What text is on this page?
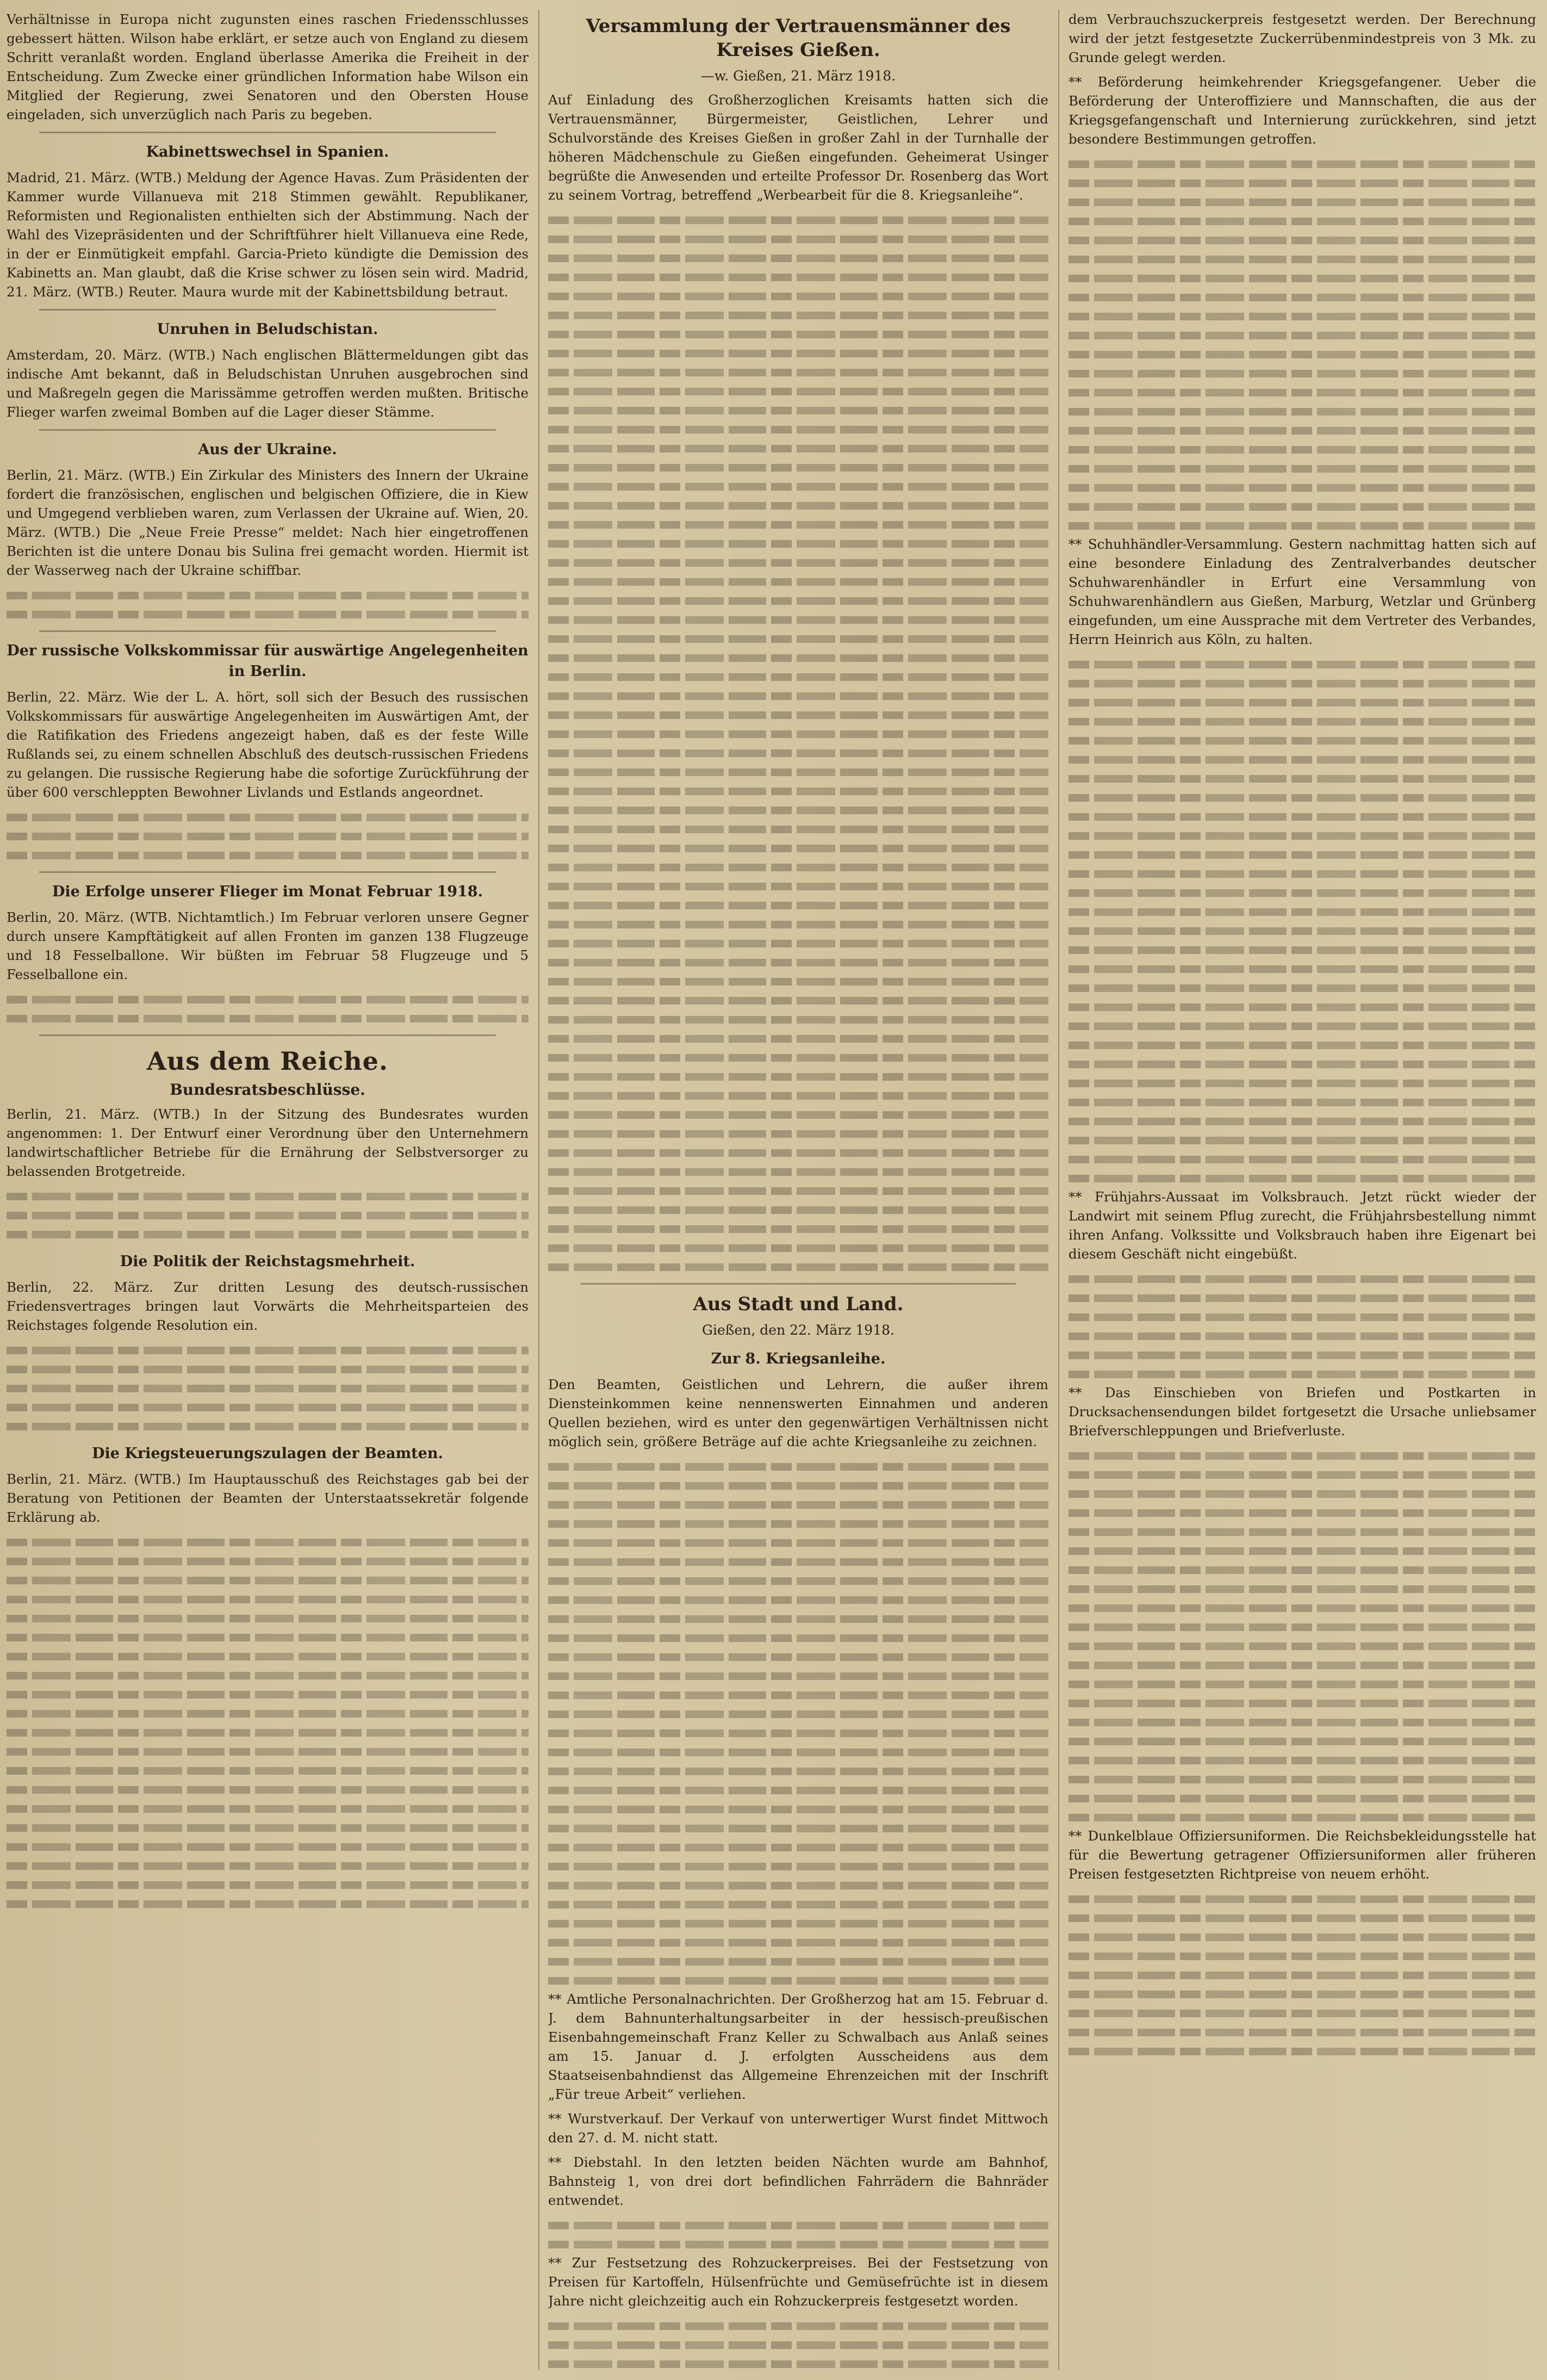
Verhältnisse in Europa nicht zugunsten eines raschen Friedensschlusses gebessert hätten. Wilson habe erklärt, er setze auch von England zu diesem Schritt veranlaßt worden. England überlasse Amerika die Freiheit in der Entscheidung. Zum Zwecke einer gründlichen Information habe Wilson ein Mitglied der Regierung, zwei Senatoren und den Obersten House eingeladen, sich unverzüglich nach Paris zu begeben.

Kabinettswechsel in Spanien.

Madrid, 21. März. (WTB.) Meldung der Agence Havas. Zum Präsidenten der Kammer wurde Villanueva mit 218 Stimmen gewählt. Republikaner, Reformisten und Regionalisten enthielten sich der Abstimmung. Nach der Wahl des Vizepräsidenten und der Schriftführer hielt Villanueva eine Rede, in der er Einmütigkeit empfahl. Garcia-Prieto kündigte die Demission des Kabinetts an. Man glaubt, daß die Krise schwer zu lösen sein wird. Madrid, 21. März. (WTB.) Reuter. Maura wurde mit der Kabinettsbildung betraut.

Unruhen in Beludschistan.

Amsterdam, 20. März. (WTB.) Nach englischen Blättermeldungen gibt das indische Amt bekannt, daß in Beludschistan Unruhen ausgebrochen sind und Maßregeln gegen die Marissämme getroffen werden mußten. Britische Flieger warfen zweimal Bomben auf die Lager dieser Stämme.

Aus der Ukraine.

Berlin, 21. März. (WTB.) Ein Zirkular des Ministers des Innern der Ukraine fordert die französischen, englischen und belgischen Offiziere, die in Kiew und Umgegend verblieben waren, zum Verlassen der Ukraine auf. Wien, 20. März. (WTB.) Die „Neue Freie Presse“ meldet: Nach hier eingetroffenen Berichten ist die untere Donau bis Sulina frei gemacht worden. Hiermit ist der Wasserweg nach der Ukraine schiffbar.

Der russische Volkskommissar für auswärtige Angelegenheiten in Berlin.

Berlin, 22. März. Wie der L. A. hört, soll sich der Besuch des russischen Volkskommissars für auswärtige Angelegenheiten im Auswärtigen Amt, der die Ratifikation des Friedens angezeigt haben, daß es der feste Wille Rußlands sei, zu einem schnellen Abschluß des deutsch-russischen Friedens zu gelangen. Die russische Regierung habe die sofortige Zurückführung der über 600 verschleppten Bewohner Livlands und Estlands angeordnet.

Die Erfolge unserer Flieger im Monat Februar 1918.

Berlin, 20. März. (WTB. Nichtamtlich.) Im Februar verloren unsere Gegner durch unsere Kampftätigkeit auf allen Fronten im ganzen 138 Flugzeuge und 18 Fesselballone. Wir büßten im Februar 58 Flugzeuge und 5 Fesselballone ein.

Aus dem Reiche.
Bundesratsbeschlüsse.

Berlin, 21. März. (WTB.) In der Sitzung des Bundesrates wurden angenommen: 1. Der Entwurf einer Verordnung über den Unternehmern landwirtschaftlicher Betriebe für die Ernährung der Selbstversorger zu belassenden Brotgetreide.

Die Politik der Reichstagsmehrheit.

Berlin, 22. März. Zur dritten Lesung des deutsch-russischen Friedensvertrages bringen laut Vorwärts die Mehrheitsparteien des Reichstages folgende Resolution ein.

Die Kriegsteuerungszulagen der Beamten.

Berlin, 21. März. (WTB.) Im Hauptausschuß des Reichstages gab bei der Beratung von Petitionen der Beamten der Unterstaatssekretär folgende Erklärung ab.

Versammlung der Vertrauensmänner des Kreises Gießen.
—w. Gießen, 21. März 1918.

Auf Einladung des Großherzoglichen Kreisamts hatten sich die Vertrauensmänner, Bürgermeister, Geistlichen, Lehrer und Schulvorstände des Kreises Gießen in großer Zahl in der Turnhalle der höheren Mädchenschule zu Gießen eingefunden. Geheimerat Usinger begrüßte die Anwesenden und erteilte Professor Dr. Rosenberg das Wort zu seinem Vortrag, betreffend „Werbearbeit für die 8. Kriegsanleihe“.

Aus Stadt und Land.
Gießen, den 22. März 1918.
Zur 8. Kriegsanleihe.

Den Beamten, Geistlichen und Lehrern, die außer ihrem Diensteinkommen keine nennenswerten Einnahmen und anderen Quellen beziehen, wird es unter den gegenwärtigen Verhältnissen nicht möglich sein, größere Beträge auf die achte Kriegsanleihe zu zeichnen.

** Amtliche Personalnachrichten. Der Großherzog hat am 15. Februar d. J. dem Bahnunterhaltungsarbeiter in der hessisch-preußischen Eisenbahngemeinschaft Franz Keller zu Schwalbach aus Anlaß seines am 15. Januar d. J. erfolgten Ausscheidens aus dem Staatseisenbahndienst das Allgemeine Ehrenzeichen mit der Inschrift „Für treue Arbeit“ verliehen.

** Wurstverkauf. Der Verkauf von unterwertiger Wurst findet Mittwoch den 27. d. M. nicht statt.

** Diebstahl. In den letzten beiden Nächten wurde am Bahnhof, Bahnsteig 1, von drei dort befindlichen Fahrrädern die Bahnräder entwendet.

** Zur Festsetzung des Rohzuckerpreises. Bei der Festsetzung von Preisen für Kartoffeln, Hülsenfrüchte und Gemüsefrüchte ist in diesem Jahre nicht gleichzeitig auch ein Rohzuckerpreis festgesetzt worden.

dem Verbrauchszuckerpreis festgesetzt werden. Der Berechnung wird der jetzt festgesetzte Zuckerrübenmindestpreis von 3 Mk. zu Grunde gelegt werden.

** Beförderung heimkehrender Kriegsgefangener. Ueber die Beförderung der Unteroffiziere und Mannschaften, die aus der Kriegsgefangenschaft und Internierung zurückkehren, sind jetzt besondere Bestimmungen getroffen.

** Schuhhändler-Versammlung. Gestern nachmittag hatten sich auf eine besondere Einladung des Zentralverbandes deutscher Schuhwarenhändler in Erfurt eine Versammlung von Schuhwarenhändlern aus Gießen, Marburg, Wetzlar und Grünberg eingefunden, um eine Aussprache mit dem Vertreter des Verbandes, Herrn Heinrich aus Köln, zu halten.

** Frühjahrs-Aussaat im Volksbrauch. Jetzt rückt wieder der Landwirt mit seinem Pflug zurecht, die Frühjahrsbestellung nimmt ihren Anfang. Volkssitte und Volksbrauch haben ihre Eigenart bei diesem Geschäft nicht eingebüßt.

** Das Einschieben von Briefen und Postkarten in Drucksachensendungen bildet fortgesetzt die Ursache unliebsamer Briefverschleppungen und Briefverluste.

** Dunkelblaue Offiziersuniformen. Die Reichsbekleidungsstelle hat für die Bewertung getragener Offiziersuniformen aller früheren Preisen festgesetzten Richtpreise von neuem erhöht.
